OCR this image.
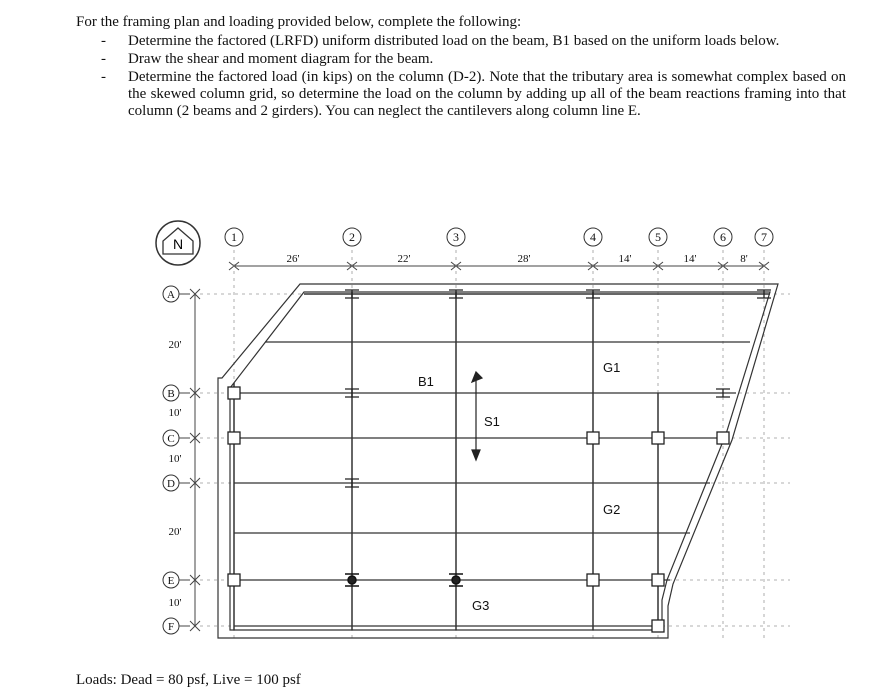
For the framing plan and loading provided below, complete the following:

- Determine the factored (LRFD) uniform distributed load on the beam, B1 based on the uniform loads below.
- Draw the shear and moment diagram for the beam.
- Determine the factored load (in kips) on the column (D-2). Note that the tributary area is somewhat complex based on the skewed column grid, so determine the load on the column by adding up all of the beam reactions framing into that column (2 beams and 2 girders). You can neglect the cantilevers along column line E.
N	1	2	3	4	5	6	7
26'	22'	28'	14'	14'	8'
A
B
C
D
E
F
20'
10'
10'
20'
10'
B1
S1
G1
G2
G3
Loads: Dead = 80 psf, Live = 100 psf
